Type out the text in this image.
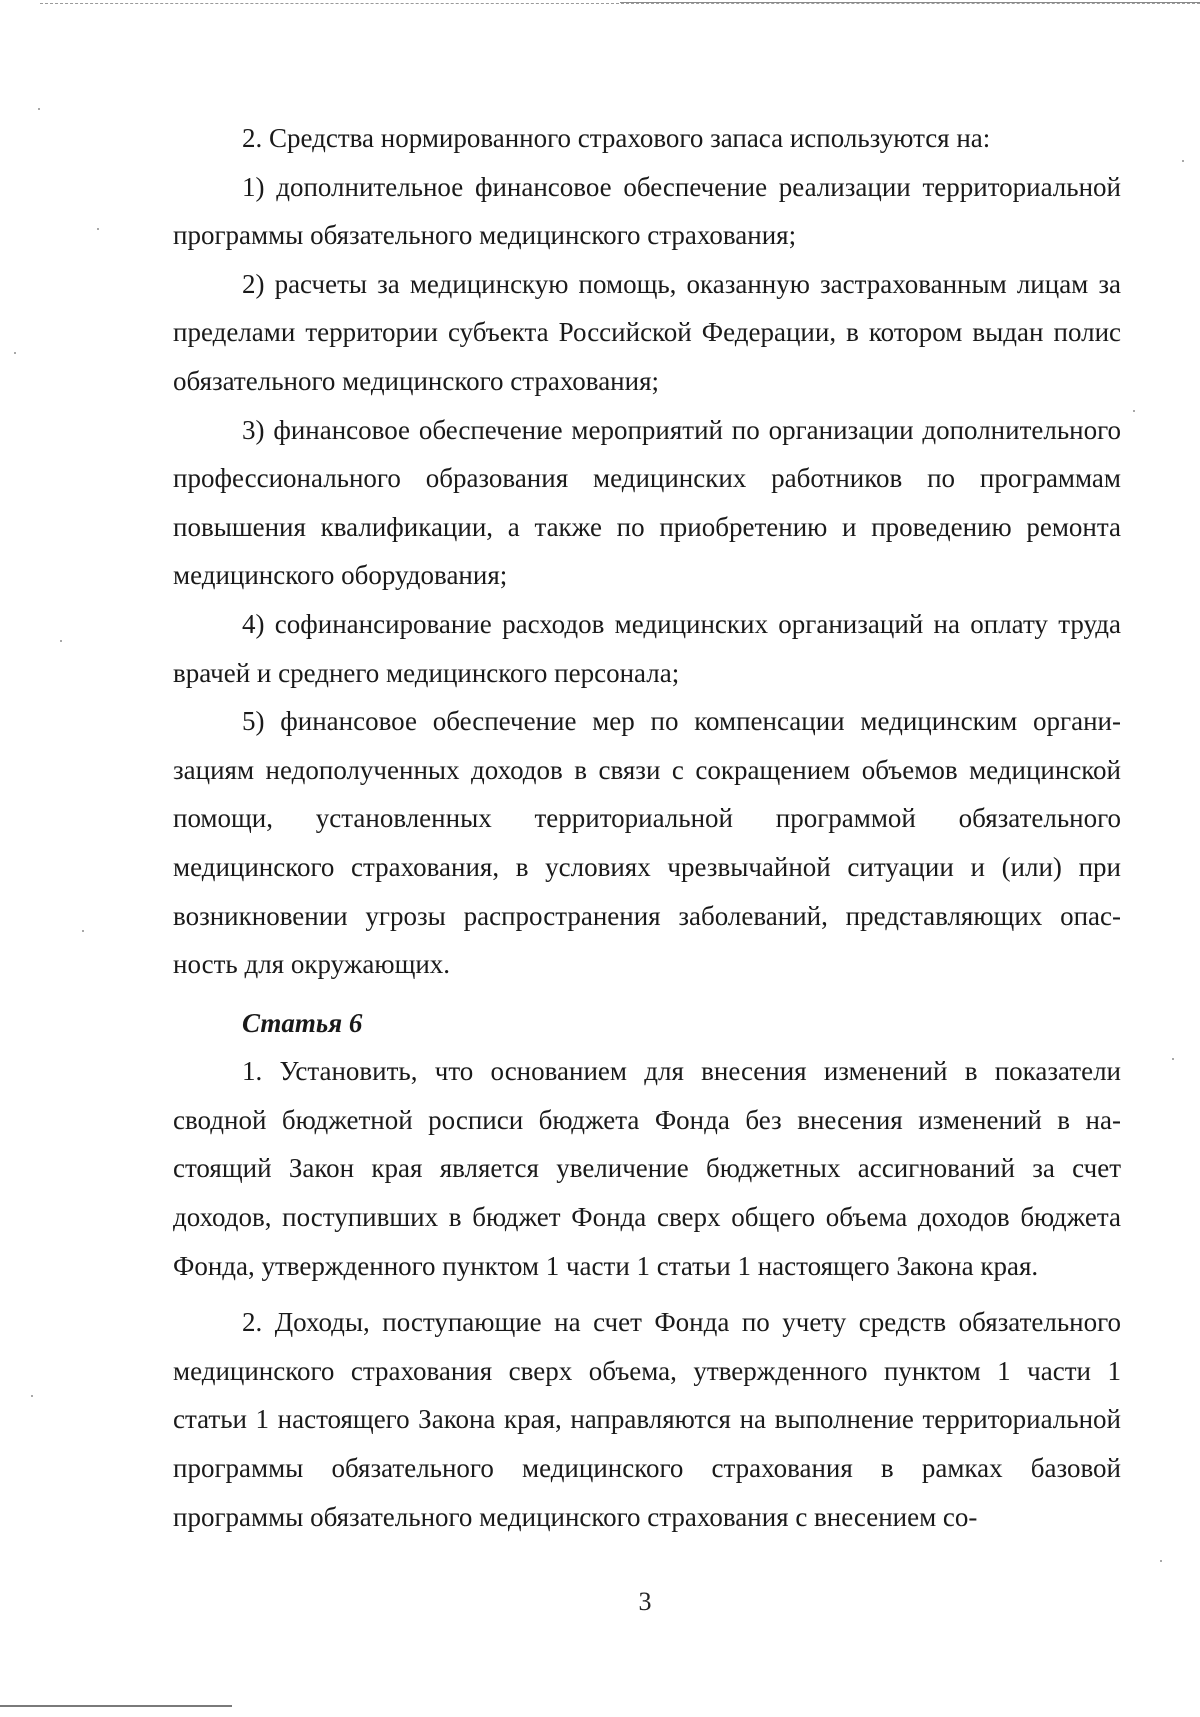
2. Средства нормированного страхового запаса используются на:

1) дополнительное финансовое обеспечение реализации территориальной программы обязательного медицинского страхования;

2) расчеты за медицинскую помощь, оказанную застрахованным лицам за пределами территории субъекта Российской Федерации, в котором выдан полис обязательного медицинского страхования;

3) финансовое обеспечение мероприятий по организации дополнительного профессионального образования медицинских работников по программам повышения квалификации, а также по приобретению и проведению ремонта медицинского оборудования;

4) софинансирование расходов медицинских организаций на оплату труда врачей и среднего медицинского персонала;

5) финансовое обеспечение мер по компенсации медицинским организациям недополученных доходов в связи с сокращением объемов медицинской помощи, установленных территориальной программой обязательного медицинского страхования, в условиях чрезвычайной ситуации и (или) при возникновении угрозы распространения заболеваний, представляющих опасность для окружающих.

Статья 6

1. Установить, что основанием для внесения изменений в показатели сводной бюджетной росписи бюджета Фонда без внесения изменений в настоящий Закон края является увеличение бюджетных ассигнований за счет доходов, поступивших в бюджет Фонда сверх общего объема доходов бюджета Фонда, утвержденного пунктом 1 части 1 статьи 1 настоящего Закона края.

2. Доходы, поступающие на счет Фонда по учету средств обязательного медицинского страхования сверх объема, утвержденного пунктом 1 части 1 статьи 1 настоящего Закона края, направляются на выполнение территориальной программы обязательного медицинского страхования в рамках базовой программы обязательного медицинского страхования с внесением со-

3
